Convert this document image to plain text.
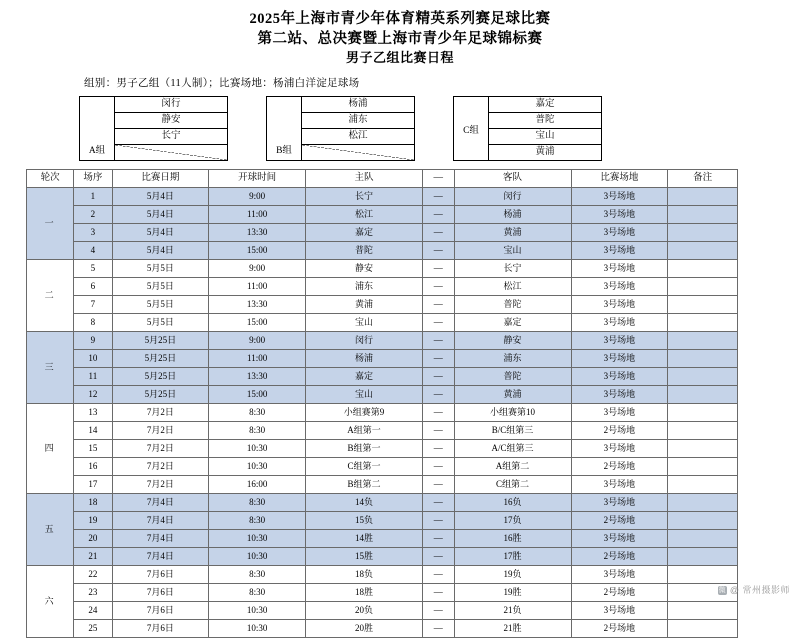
2025年上海市青少年体育精英系列赛足球比赛
第二站、总决赛暨上海市青少年足球锦标赛
男子乙组比赛日程
组别：男子乙组（11人制）；比赛场地：杨浦白洋淀足球场
A组
闵行
静安
长宁
B组
杨浦
浦东
松江
C组
嘉定
普陀
宝山
黄浦
轮次	场序	比赛日期	开球时间	主队	—	客队	比赛场地	备注
一	1	5月4日	9:00	长宁	—	闵行	3号场地	
	2	5月4日	11:00	松江	—	杨浦	3号场地	
	3	5月4日	13:30	嘉定	—	黄浦	3号场地	
	4	5月4日	15:00	普陀	—	宝山	3号场地	
二	5	5月5日	9:00	静安	—	长宁	3号场地	
	6	5月5日	11:00	浦东	—	松江	3号场地	
	7	5月5日	13:30	黄浦	—	普陀	3号场地	
	8	5月5日	15:00	宝山	—	嘉定	3号场地	
三	9	5月25日	9:00	闵行	—	静安	3号场地	
	10	5月25日	11:00	杨浦	—	浦东	3号场地	
	11	5月25日	13:30	嘉定	—	普陀	3号场地	
	12	5月25日	15:00	宝山	—	黄浦	3号场地	
四	13	7月2日	8:30	小组赛第9	—	小组赛第10	3号场地	
	14	7月2日	8:30	A组第一	—	B/C组第三	2号场地	
	15	7月2日	10:30	B组第一	—	A/C组第三	3号场地	
	16	7月2日	10:30	C组第一	—	A组第二	2号场地	
	17	7月2日	16:00	B组第二	—	C组第二	3号场地	
五	18	7月4日	8:30	14负	—	16负	3号场地	
	19	7月4日	8:30	15负	—	17负	2号场地	
	20	7月4日	10:30	14胜	—	16胜	3号场地	
	21	7月4日	10:30	15胜	—	17胜	2号场地	
六	22	7月6日	8:30	18负	—	19负	3号场地	
	23	7月6日	8:30	18胜	—	19胜	2号场地	
	24	7月6日	10:30	20负	—	21负	3号场地	
	25	7月6日	10:30	20胜	—	21胜	2号场地	
微 @ 常州摄影师
